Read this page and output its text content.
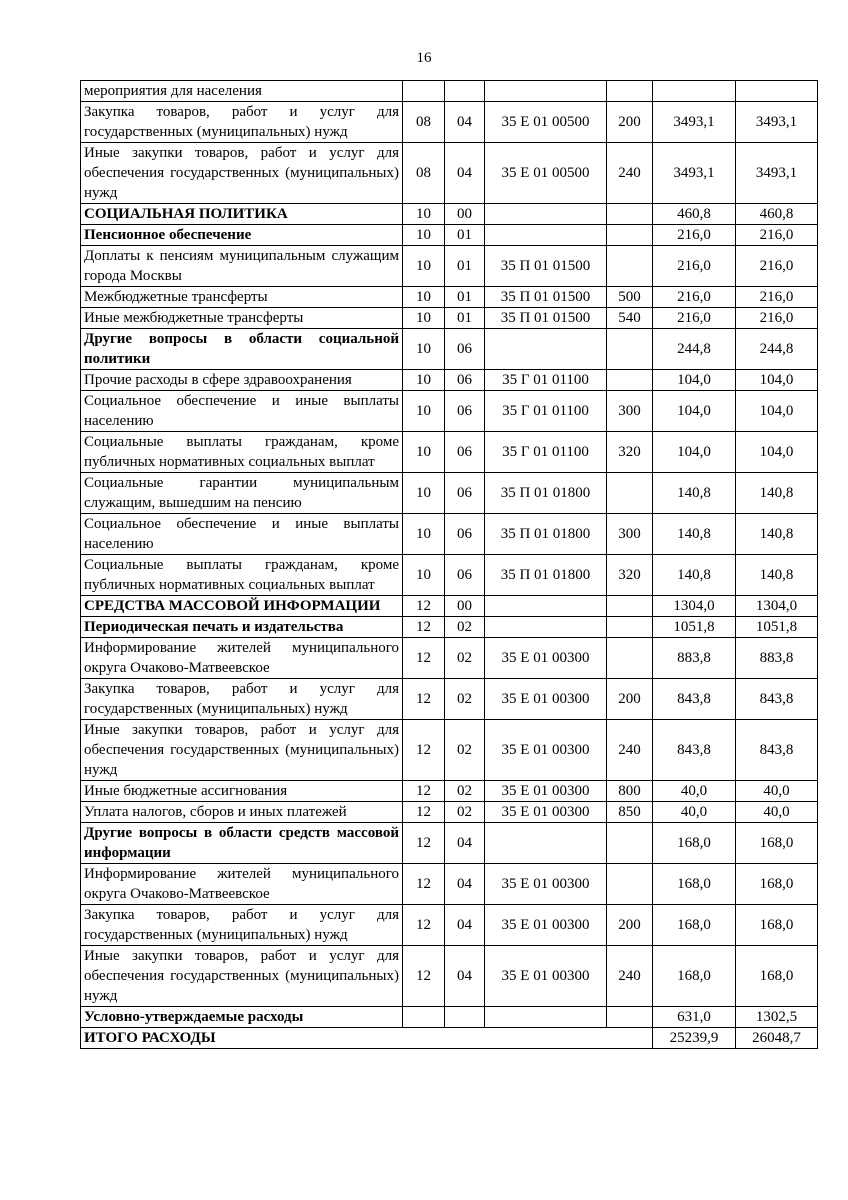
16
мероприятия для населения						
Закупка товаров, работ и услуг для государственных (муниципальных) нужд	08	04	35 Е 01 00500	200	3493,1	3493,1
Иные закупки товаров, работ и услуг для обеспечения государственных (муниципальных) нужд	08	04	35 Е 01 00500	240	3493,1	3493,1
СОЦИАЛЬНАЯ ПОЛИТИКА	10	00			460,8	460,8
Пенсионное обеспечение	10	01			216,0	216,0
Доплаты к пенсиям муниципальным служащим города Москвы	10	01	35 П 01 01500		216,0	216,0
Межбюджетные трансферты	10	01	35 П 01 01500	500	216,0	216,0
Иные межбюджетные трансферты	10	01	35 П 01 01500	540	216,0	216,0
Другие вопросы в области социальной политики	10	06			244,8	244,8
Прочие расходы в сфере здравоохранения	10	06	35 Г 01 01100		104,0	104,0
Социальное обеспечение и иные выплаты населению	10	06	35 Г 01 01100	300	104,0	104,0
Социальные выплаты гражданам, кроме публичных нормативных социальных выплат	10	06	35 Г 01 01100	320	104,0	104,0
Социальные гарантии муниципальным служащим, вышедшим на пенсию	10	06	35 П 01 01800		140,8	140,8
Социальное обеспечение и иные выплаты населению	10	06	35 П 01 01800	300	140,8	140,8
Социальные выплаты гражданам, кроме публичных нормативных социальных выплат	10	06	35 П 01 01800	320	140,8	140,8
СРЕДСТВА МАССОВОЙ ИНФОРМАЦИИ	12	00			1304,0	1304,0
Периодическая печать и издательства	12	02			1051,8	1051,8
Информирование жителей муниципального округа Очаково-Матвеевское	12	02	35 Е 01 00300		883,8	883,8
Закупка товаров, работ и услуг для государственных (муниципальных) нужд	12	02	35 Е 01 00300	200	843,8	843,8
Иные закупки товаров, работ и услуг для обеспечения государственных (муниципальных) нужд	12	02	35 Е 01 00300	240	843,8	843,8
Иные бюджетные ассигнования	12	02	35 Е 01 00300	800	40,0	40,0
Уплата налогов, сборов и иных платежей	12	02	35 Е 01 00300	850	40,0	40,0
Другие вопросы в области средств массовой информации	12	04			168,0	168,0
Информирование жителей муниципального округа Очаково-Матвеевское	12	04	35 Е 01 00300		168,0	168,0
Закупка товаров, работ и услуг для государственных (муниципальных) нужд	12	04	35 Е 01 00300	200	168,0	168,0
Иные закупки товаров, работ и услуг для обеспечения государственных (муниципальных) нужд	12	04	35 Е 01 00300	240	168,0	168,0
Условно-утверждаемые расходы					631,0	1302,5
ИТОГО РАСХОДЫ					25239,9	26048,7
